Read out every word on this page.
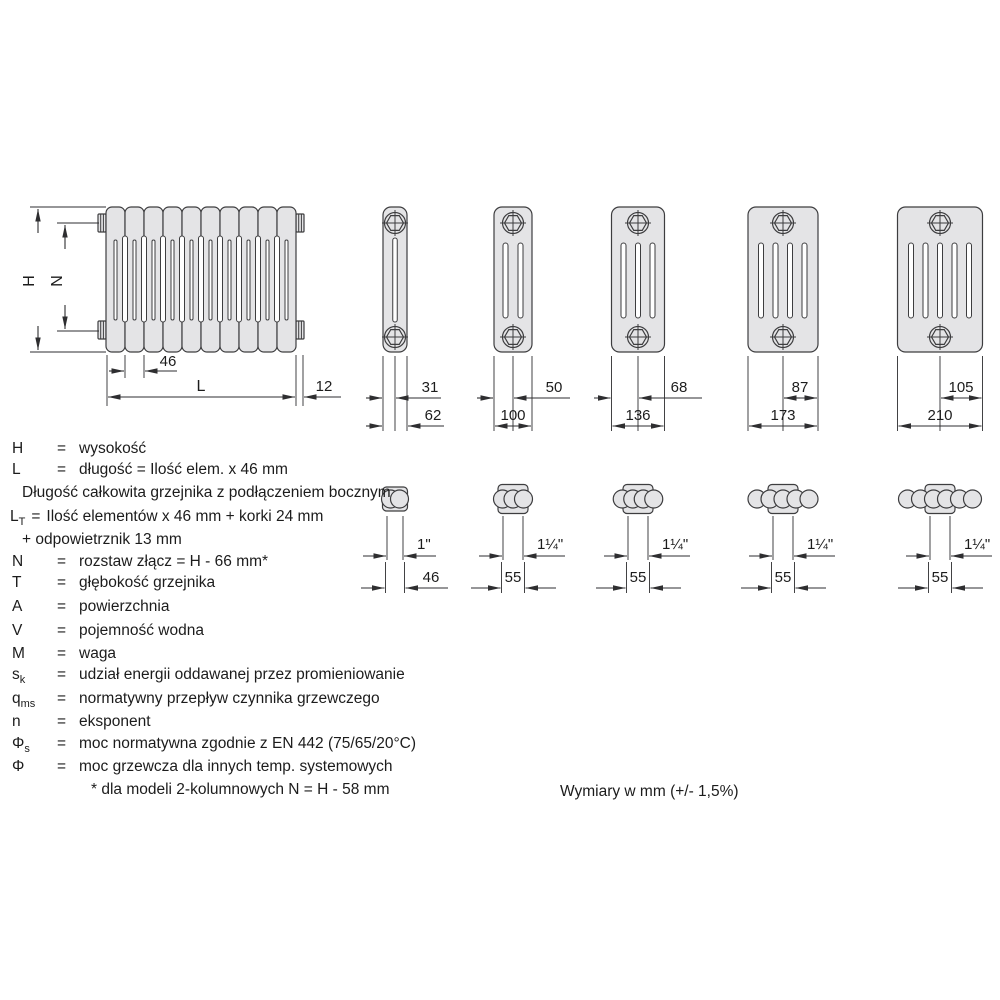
H N
46
L	12	31
62
50
100
68
136
87
173
105
210
1"
46
1¼"
55
1¼"
55
1¼"
55
1¼"
55
H = wysokość
L = długość = Ilość elem. x 46 mm
Długość całkowita grzejnika z podłączeniem bocznym
$L_T$ = Ilość elementów x 46 mm + korki 24 mm
+ odpowietrznik 13 mm
N = rozstaw złącz = H - 66 mm*
T = głębokość grzejnika
A = powierzchnia
V = pojemność wodna
M = waga
$s_k$ = udział energii oddawanej przez promieniowanie
$q_{ms}$ = normatywny przepływ czynnika grzewczego
n = eksponent
$\Phi_s$ = moc normatywna zgodnie z EN 442 (75/65/20°C)
Φ = moc grzewcza dla innych temp. systemowych
* dla modeli 2-kolumnowych N = H - 58 mm	Wymiary w mm (+/- 1,5%)
